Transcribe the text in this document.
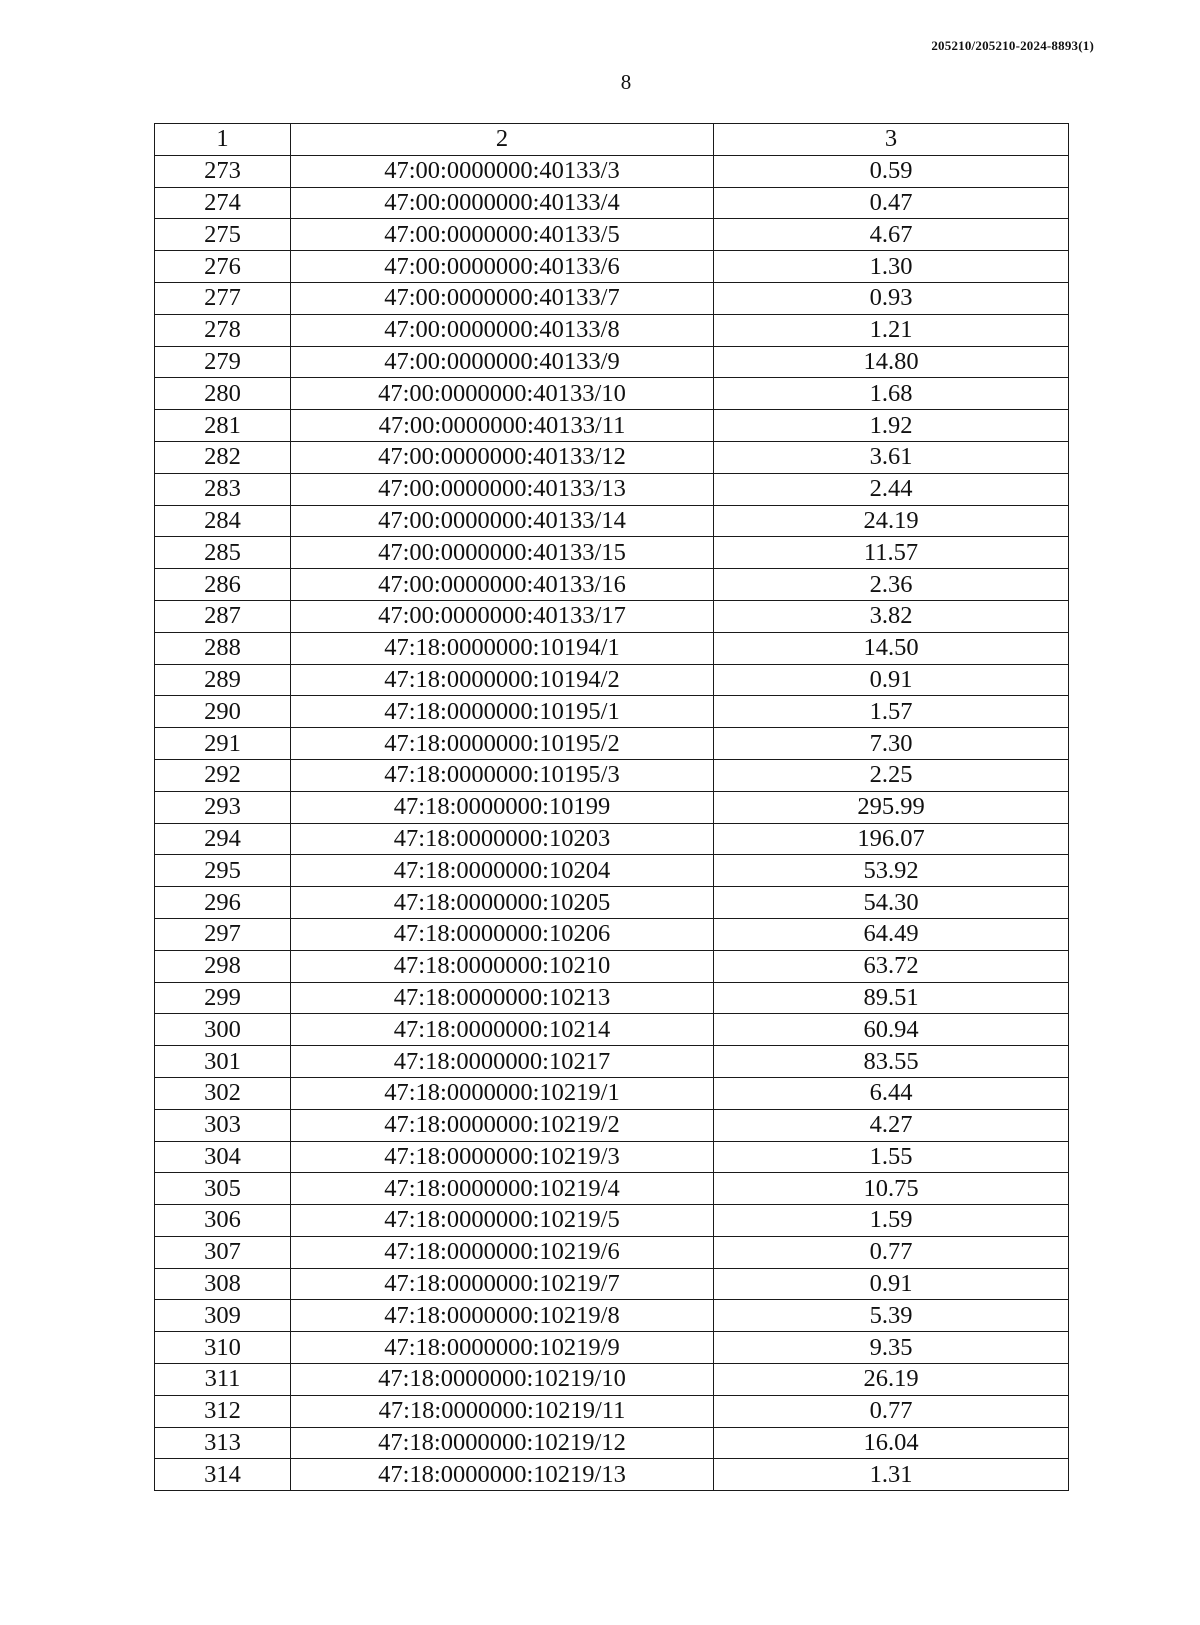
205210/205210-2024-8893(1)
8
1	2	3
273	47:00:0000000:40133/3	0.59
274	47:00:0000000:40133/4	0.47
275	47:00:0000000:40133/5	4.67
276	47:00:0000000:40133/6	1.30
277	47:00:0000000:40133/7	0.93
278	47:00:0000000:40133/8	1.21
279	47:00:0000000:40133/9	14.80
280	47:00:0000000:40133/10	1.68
281	47:00:0000000:40133/11	1.92
282	47:00:0000000:40133/12	3.61
283	47:00:0000000:40133/13	2.44
284	47:00:0000000:40133/14	24.19
285	47:00:0000000:40133/15	11.57
286	47:00:0000000:40133/16	2.36
287	47:00:0000000:40133/17	3.82
288	47:18:0000000:10194/1	14.50
289	47:18:0000000:10194/2	0.91
290	47:18:0000000:10195/1	1.57
291	47:18:0000000:10195/2	7.30
292	47:18:0000000:10195/3	2.25
293	47:18:0000000:10199	295.99
294	47:18:0000000:10203	196.07
295	47:18:0000000:10204	53.92
296	47:18:0000000:10205	54.30
297	47:18:0000000:10206	64.49
298	47:18:0000000:10210	63.72
299	47:18:0000000:10213	89.51
300	47:18:0000000:10214	60.94
301	47:18:0000000:10217	83.55
302	47:18:0000000:10219/1	6.44
303	47:18:0000000:10219/2	4.27
304	47:18:0000000:10219/3	1.55
305	47:18:0000000:10219/4	10.75
306	47:18:0000000:10219/5	1.59
307	47:18:0000000:10219/6	0.77
308	47:18:0000000:10219/7	0.91
309	47:18:0000000:10219/8	5.39
310	47:18:0000000:10219/9	9.35
311	47:18:0000000:10219/10	26.19
312	47:18:0000000:10219/11	0.77
313	47:18:0000000:10219/12	16.04
314	47:18:0000000:10219/13	1.31
